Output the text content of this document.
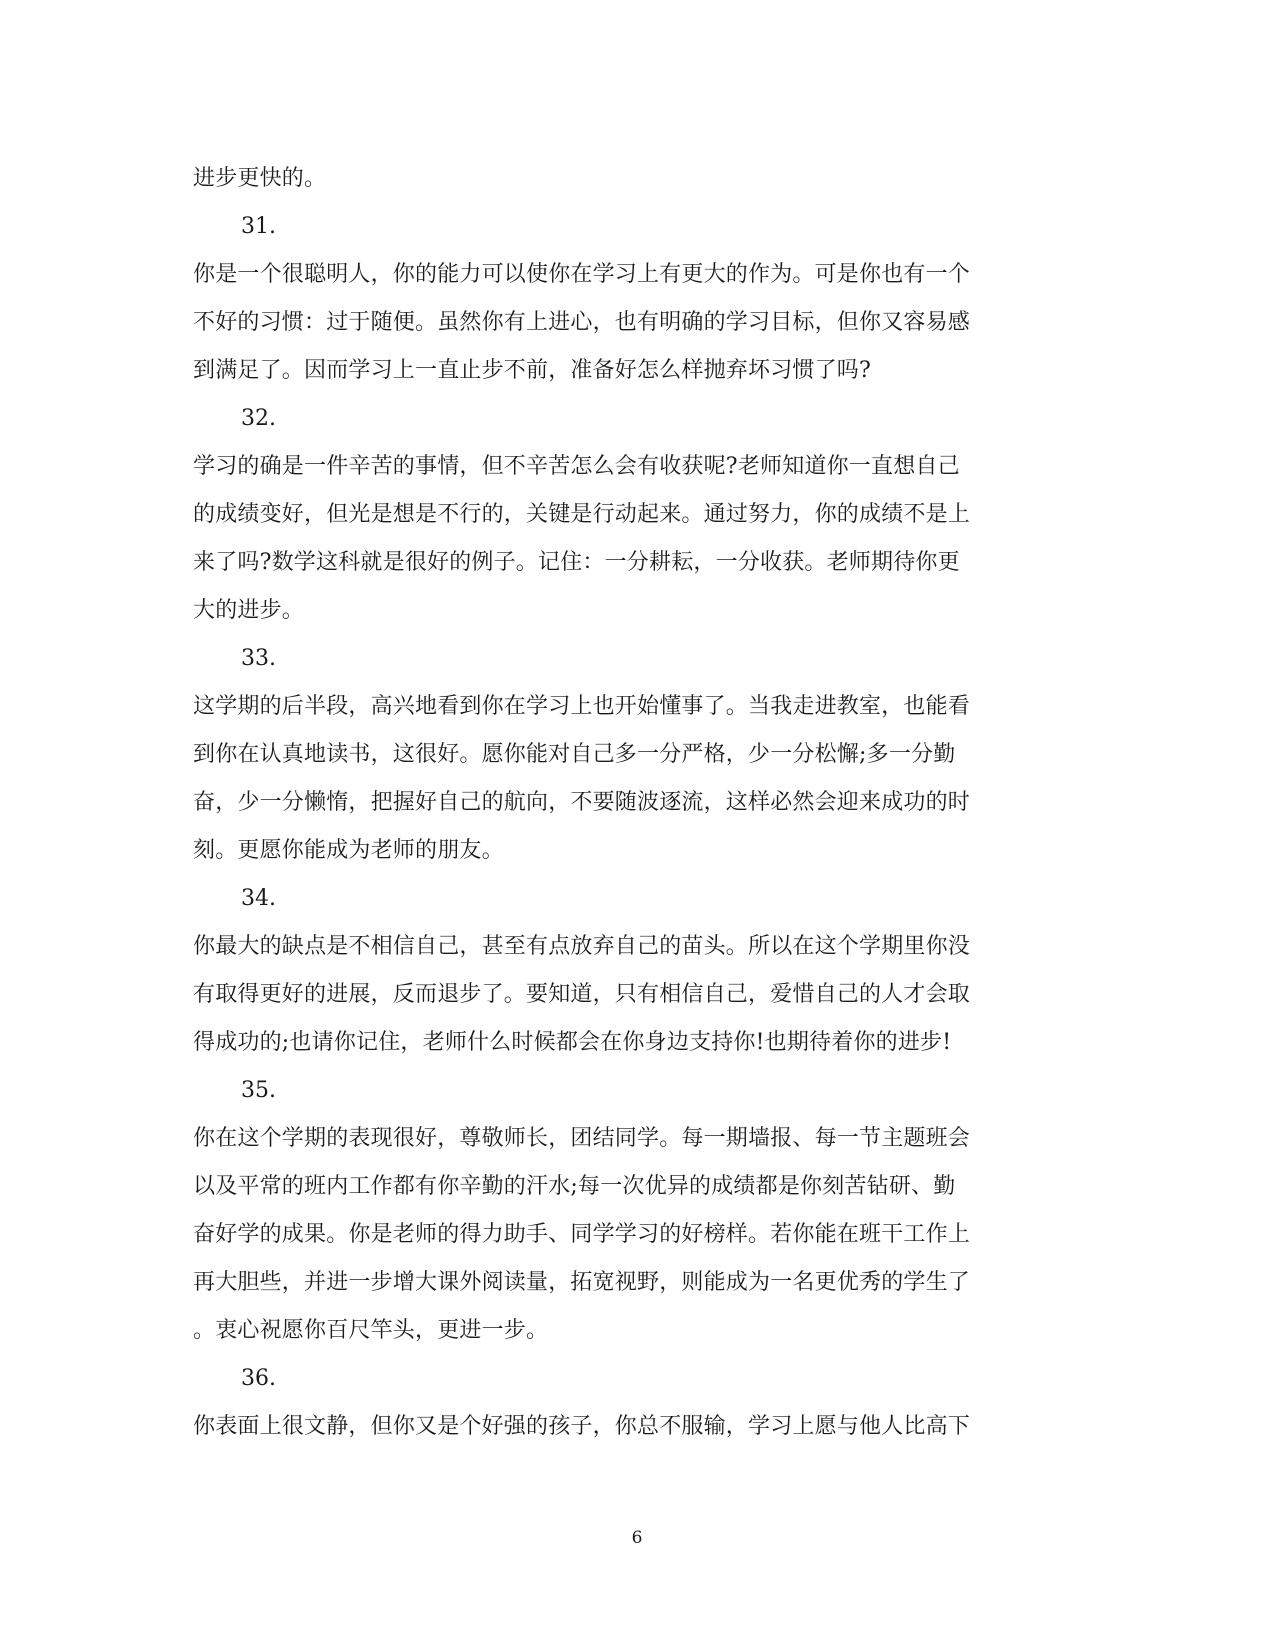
进步更快的。

31.

你是一个很聪明人，你的能力可以使你在学习上有更大的作为。可是你也有一个
不好的习惯：过于随便。虽然你有上进心，也有明确的学习目标，但你又容易感
到满足了。因而学习上一直止步不前，准备好怎么样抛弃坏习惯了吗?

32.

学习的确是一件辛苦的事情，但不辛苦怎么会有收获呢?老师知道你一直想自己
的成绩变好，但光是想是不行的，关键是行动起来。通过努力，你的成绩不是上
来了吗?数学这科就是很好的例子。记住：一分耕耘，一分收获。老师期待你更
大的进步。

33.

这学期的后半段，高兴地看到你在学习上也开始懂事了。当我走进教室，也能看
到你在认真地读书，这很好。愿你能对自己多一分严格，少一分松懈;多一分勤
奋，少一分懒惰，把握好自己的航向，不要随波逐流，这样必然会迎来成功的时
刻。更愿你能成为老师的朋友。

34.

你最大的缺点是不相信自己，甚至有点放弃自己的苗头。所以在这个学期里你没
有取得更好的进展，反而退步了。要知道，只有相信自己，爱惜自己的人才会取
得成功的;也请你记住，老师什么时候都会在你身边支持你!也期待着你的进步!

35.

你在这个学期的表现很好，尊敬师长，团结同学。每一期墙报、每一节主题班会
以及平常的班内工作都有你辛勤的汗水;每一次优异的成绩都是你刻苦钻研、勤
奋好学的成果。你是老师的得力助手、同学学习的好榜样。若你能在班干工作上
再大胆些，并进一步增大课外阅读量，拓宽视野，则能成为一名更优秀的学生了
。衷心祝愿你百尺竿头，更进一步。

36.

你表面上很文静，但你又是个好强的孩子，你总不服输，学习上愿与他人比高下

6
